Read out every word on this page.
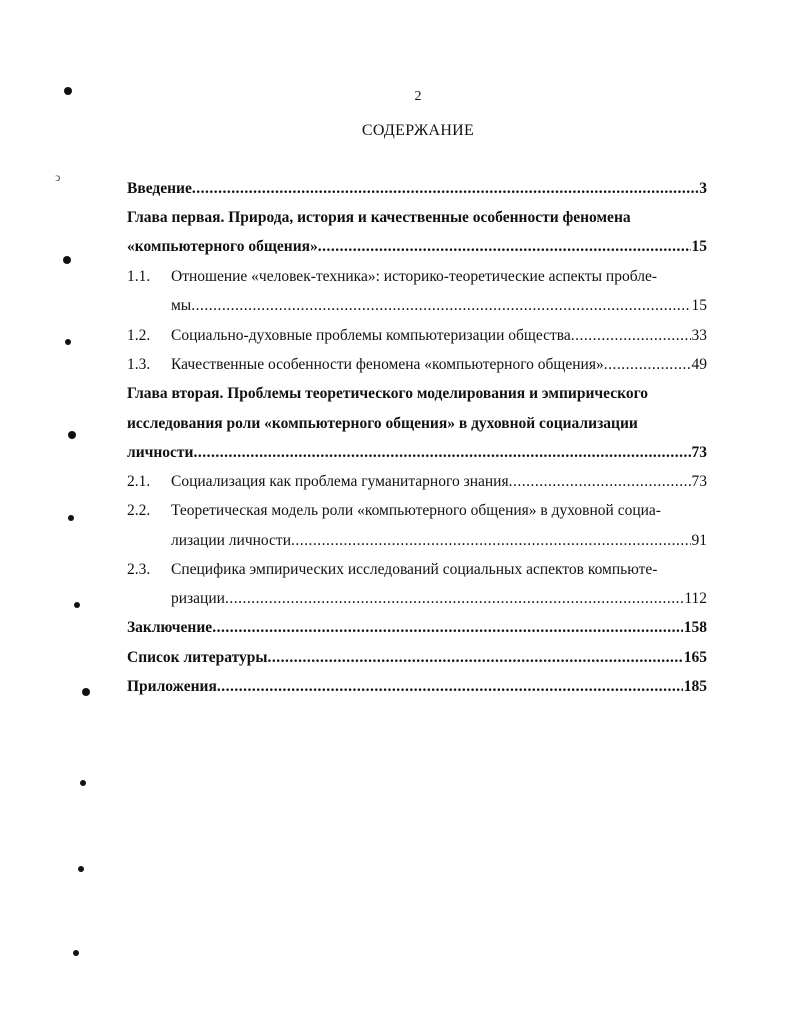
2
СОДЕРЖАНИЕ
Введение .....	3
Глава первая. Природа, история и качественные особенности феномена
«компьютерного общения» .....	15
1.1. Отношение «человек-техника»: историко-теоретические аспекты пробле-
мы .....	15
1.2.	Социально-духовные проблемы компьютеризации общества .....	33
1.3.	Качественные особенности феномена «компьютерного общения» .....	49
Глава вторая. Проблемы теоретического моделирования и эмпирического
исследования роли «компьютерного общения» в духовной социализации
личности .....	73
2.1.	Социализация как проблема гуманитарного знания .....	73
2.2. Теоретическая модель роли «компьютерного общения» в духовной социа-
лизации личности .....	91
2.3. Специфика эмпирических исследований социальных аспектов компьюте-
ризации .....	112
Заключение .....	158
Список литературы .....	165
Приложения .....	185
ↄ
